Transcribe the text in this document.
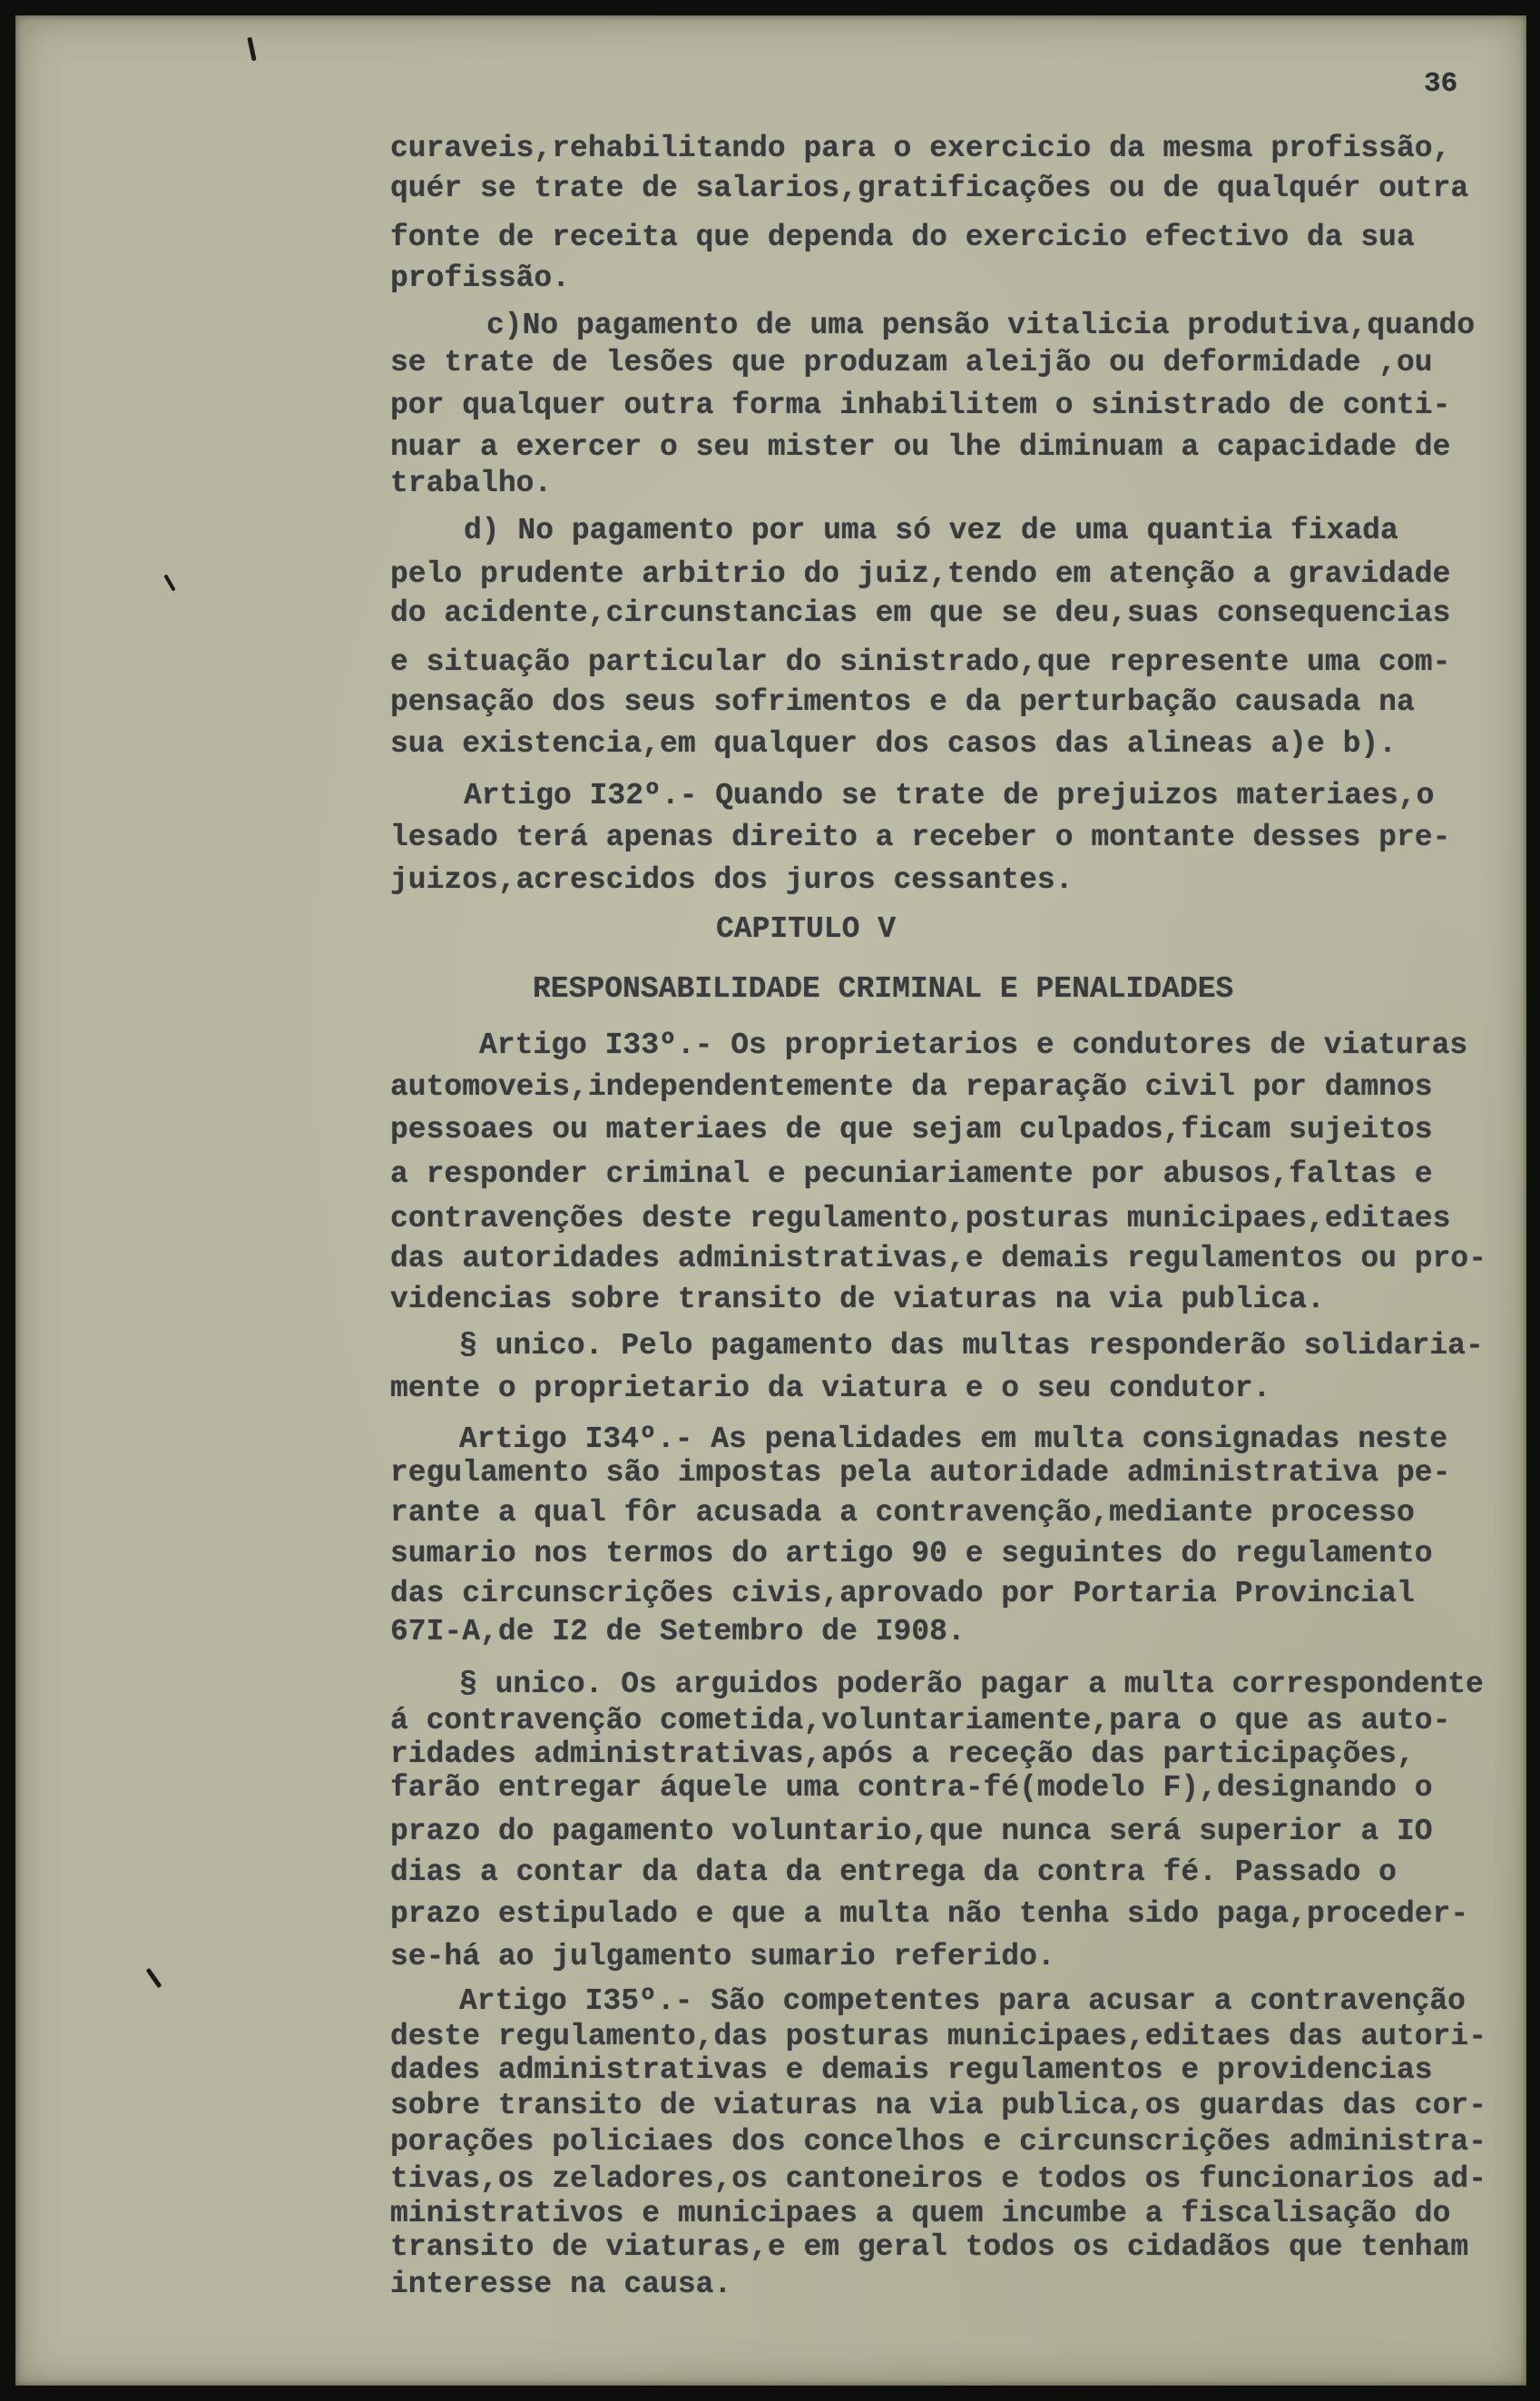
36
curaveis,rehabilitando para o exercicio da mesma profissão,
quér se trate de salarios,gratificações ou de qualquér outra
fonte de receita que dependa do exercicio efectivo da sua
profissão.
c)No pagamento de uma pensão vitalicia produtiva,quando
se trate de lesões que produzam aleijão ou deformidade ,ou
por qualquer outra forma inhabilitem o sinistrado de conti-
nuar a exercer o seu mister ou lhe diminuam a capacidade de
trabalho.
d) No pagamento por uma só vez de uma quantia fixada
pelo prudente arbitrio do juiz,tendo em atenção a gravidade
do acidente,circunstancias em que se deu,suas consequencias
e situação particular do sinistrado,que represente uma com-
pensação dos seus sofrimentos e da perturbação causada na
sua existencia,em qualquer dos casos das alineas a)e b).
Artigo I32º.- Quando se trate de prejuizos materiaes,o
lesado terá apenas direito a receber o montante desses pre-
juizos,acrescidos dos juros cessantes.
CAPITULO V
RESPONSABILIDADE CRIMINAL E PENALIDADES
Artigo I33º.- Os proprietarios e condutores de viaturas
automoveis,independentemente da reparação civil por damnos
pessoaes ou materiaes de que sejam culpados,ficam sujeitos
a responder criminal e pecuniariamente por abusos,faltas e
contravenções deste regulamento,posturas municipaes,editaes
das autoridades administrativas,e demais regulamentos ou pro-
videncias sobre transito de viaturas na via publica.
§ unico. Pelo pagamento das multas responderão solidaria-
mente o proprietario da viatura e o seu condutor.
Artigo I34º.- As penalidades em multa consignadas neste
regulamento são impostas pela autoridade administrativa pe-
rante a qual fôr acusada a contravenção,mediante processo
sumario nos termos do artigo 90 e seguintes do regulamento
das circunscrições civis,aprovado por Portaria Provincial
67I-A,de I2 de Setembro de I908.
§ unico. Os arguidos poderão pagar a multa correspondente
á contravenção cometida,voluntariamente,para o que as auto-
ridades administrativas,após a receção das participações,
farão entregar áquele uma contra-fé(modelo F),designando o
prazo do pagamento voluntario,que nunca será superior a IO
dias a contar da data da entrega da contra fé. Passado o
prazo estipulado e que a multa não tenha sido paga,proceder-
se-há ao julgamento sumario referido.
Artigo I35º.- São competentes para acusar a contravenção
deste regulamento,das posturas municipaes,editaes das autori-
dades administrativas e demais regulamentos e providencias
sobre transito de viaturas na via publica,os guardas das cor-
porações policiaes dos concelhos e circunscrições administra-
tivas,os zeladores,os cantoneiros e todos os funcionarios ad-
ministrativos e municipaes a quem incumbe a fiscalisação do
transito de viaturas,e em geral todos os cidadãos que tenham
interesse na causa.
